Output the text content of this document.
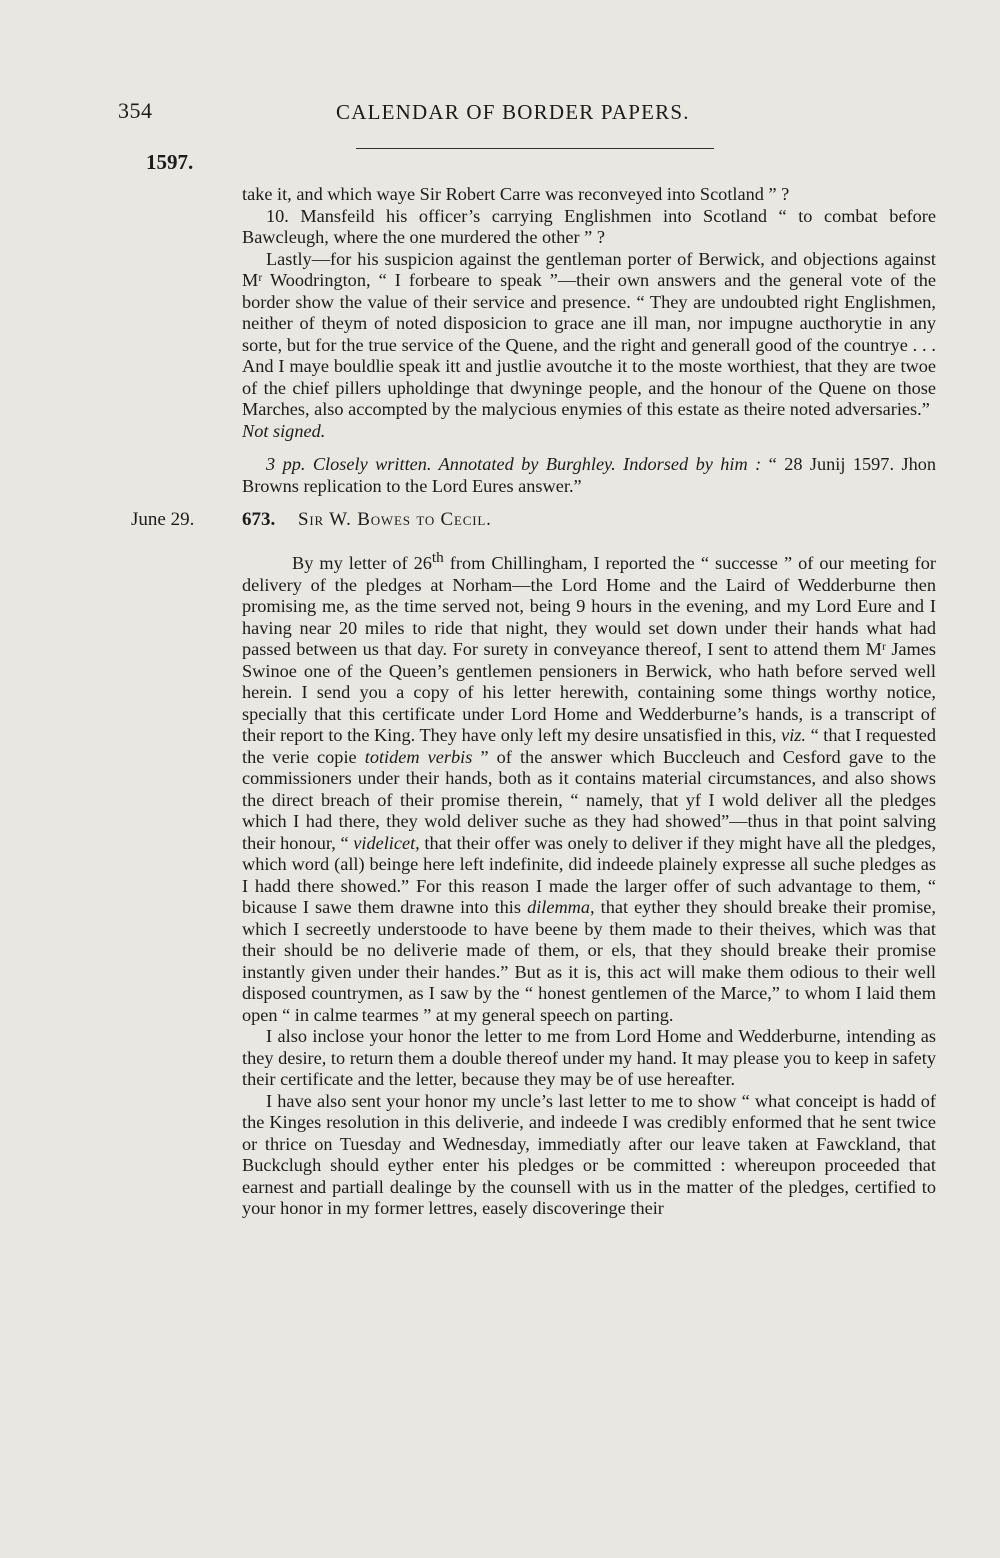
354	CALENDAR OF BORDER PAPERS.
1597.

take it, and which waye Sir Robert Carre was reconveyed into Scotland ” ?

10. Mansfeild his officer’s carrying Englishmen into Scotland “ to combat before Bawcleugh, where the one murdered the other ” ?

Lastly—for his suspicion against the gentleman porter of Berwick, and objections against Mʳ Woodrington, “ I forbeare to speak ”—their own answers and the general vote of the border show the value of their service and presence. “ They are undoubted right Englishmen, neither of theym of noted disposicion to grace ane ill man, nor impugne aucthorytie in any sorte, but for the true service of the Quene, and the right and generall good of the countrye . . . And I maye bouldlie speak itt and justlie avoutche it to the moste worthiest, that they are twoe of the chief pillers upholdinge that dwyninge people, and the honour of the Quene on those Marches, also accompted by the malycious enymies of this estate as theire noted adversaries.”

Not signed.

3 pp. Closely written. Annotated by Burghley. Indorsed by him : “ 28 Junij 1597. Jhon Browns replication to the Lord Eures answer.”

June 29.	673. Sir W. Bowes to Cecil.

By my letter of 26th from Chillingham, I reported the “ successe ” of our meeting for delivery of the pledges at Norham—the Lord Home and the Laird of Wedderburne then promising me, as the time served not, being 9 hours in the evening, and my Lord Eure and I having near 20 miles to ride that night, they would set down under their hands what had passed between us that day. For surety in conveyance thereof, I sent to attend them Mʳ James Swinoe one of the Queen’s gentlemen pensioners in Berwick, who hath before served well herein. I send you a copy of his letter herewith, containing some things worthy notice, specially that this certificate under Lord Home and Wedderburne’s hands, is a transcript of their report to the King. They have only left my desire unsatisfied in this, viz. “ that I requested the verie copie totidem verbis ” of the answer which Buccleuch and Cesford gave to the commissioners under their hands, both as it contains material circumstances, and also shows the direct breach of their promise therein, “ namely, that yf I wold deliver all the pledges which I had there, they wold deliver suche as they had showed”—thus in that point salving their honour, “ videlicet, that their offer was onely to deliver if they might have all the pledges, which word (all) beinge here left indefinite, did indeede plainely expresse all suche pledges as I hadd there showed.” For this reason I made the larger offer of such advantage to them, “ bicause I sawe them drawne into this dilemma, that eyther they should breake their promise, which I secreetly understoode to have beene by them made to their theives, which was that their should be no deliverie made of them, or els, that they should breake their promise instantly given under their handes.” But as it is, this act will make them odious to their well disposed countrymen, as I saw by the “ honest gentlemen of the Marce,” to whom I laid them open “ in calme tearmes ” at my general speech on parting.

I also inclose your honor the letter to me from Lord Home and Wedderburne, intending as they desire, to return them a double thereof under my hand. It may please you to keep in safety their certificate and the letter, because they may be of use hereafter.

I have also sent your honor my uncle’s last letter to me to show “ what conceipt is hadd of the Kinges resolution in this deliverie, and indeede I was credibly enformed that he sent twice or thrice on Tuesday and Wednesday, immediatly after our leave taken at Fawckland, that Buckclugh should eyther enter his pledges or be committed : whereupon proceeded that earnest and partiall dealinge by the counsell with us in the matter of the pledges, certified to your honor in my former lettres, easely discoveringe their
